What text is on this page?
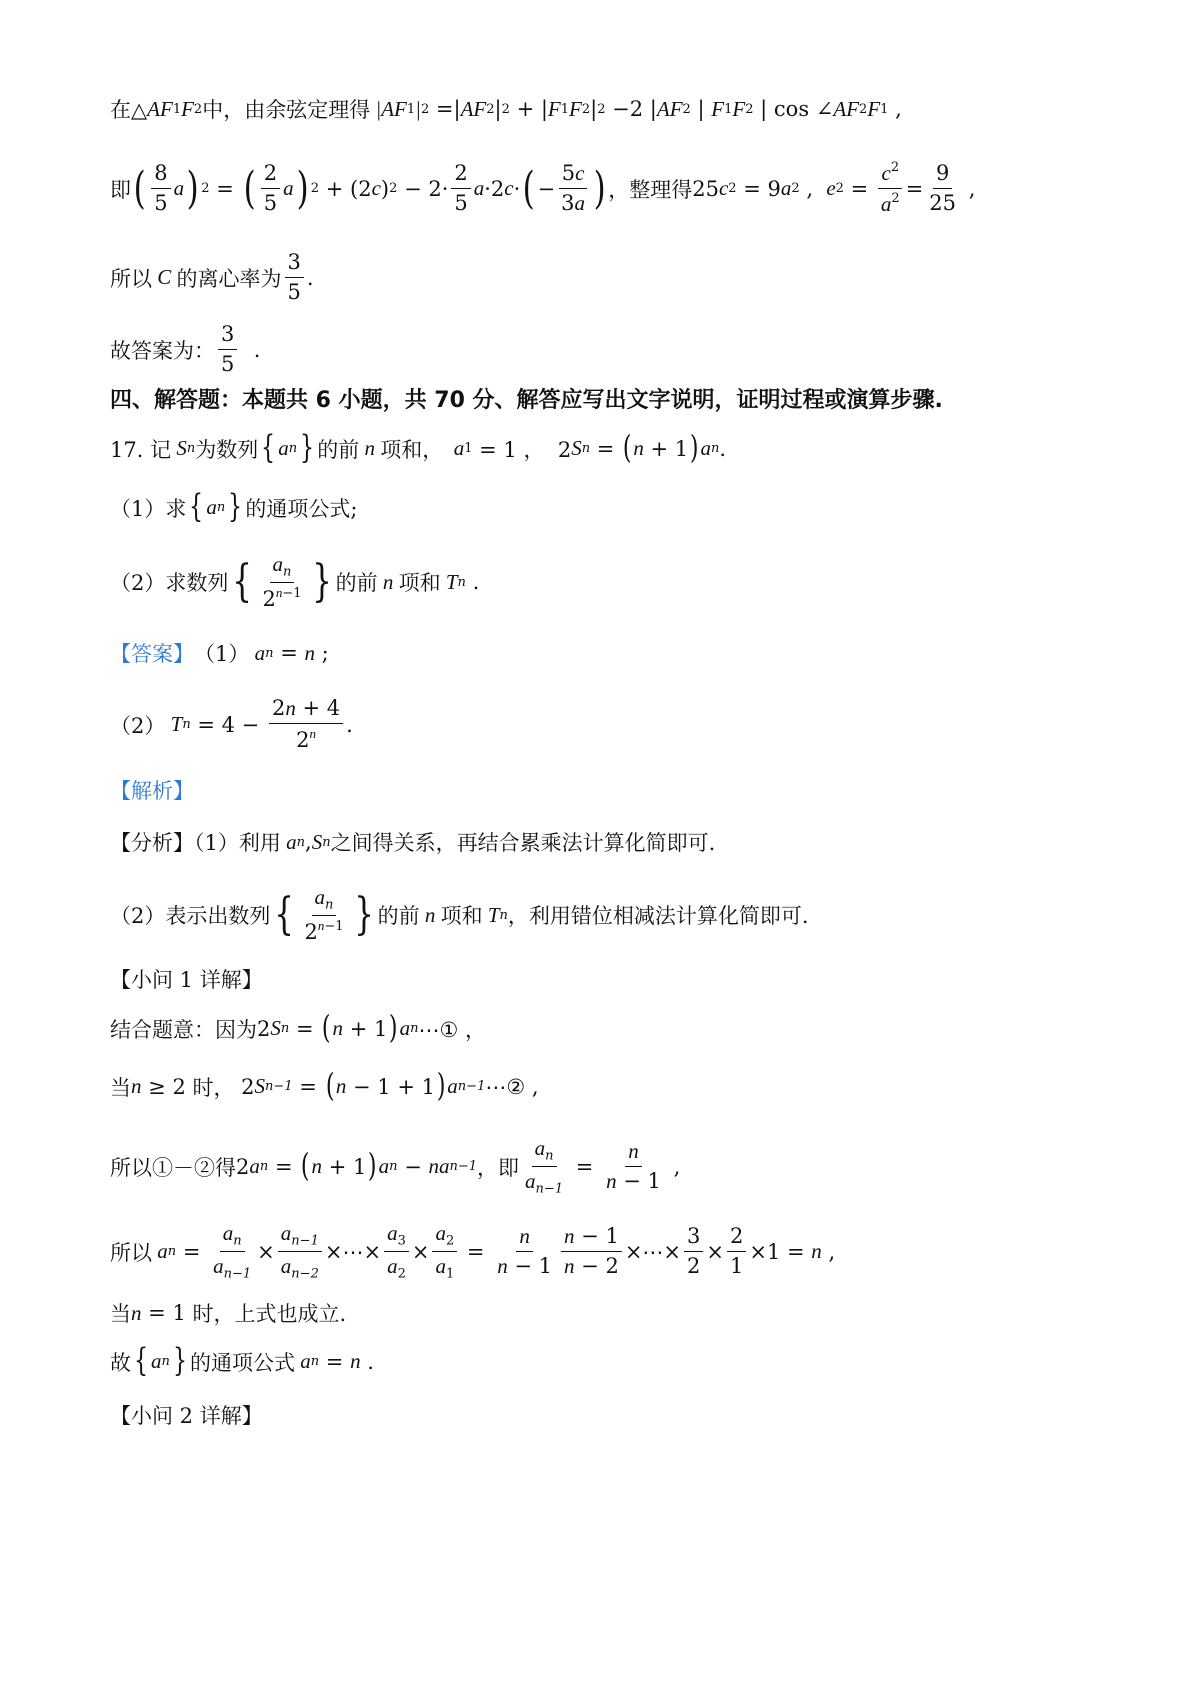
在△ AF 1 F 2 中，由余弦定理得 |AF 1 | 2 =| AF 2 | 2 + | F 1 F 2 | 2 −2 | AF 2 | F 1 F 2 | cos ∠ AF 2 F 1 ,
即 ( $\frac{8}{5}$ a ) 2 = ( $\frac{2}{5}$ a ) 2 + (2 c ) $2 - 2\cdot \frac{2}{5}$ a ·2 c · ( − $\frac{5c}{3a}$ ) ，整理得 25 c 2 = 9 a 2 , e $2 = \frac{c^2}{a^2} = \frac{9}{25}$ ,
所以 C 的离心率为 $\frac{3}{5}$ .
故答案为： $\frac{3}{5}$ .
四、解答题：本题共 6 小题，共 70 分、解答应写出文字说明，证明过程或演算步骤.
17. 记 S n 为数列 { a n } 的前 n 项和， a 1 = 1 ，  2 S n = ( n + 1 ) a n .
（1）求 { a n } 的通项公式;
（2）求数列 { $\frac{a_n}{2^{n-1}}$ } 的前 n 项和 T n .
【答案】 （1） a n = n ;
（2） T $n = 4 - \frac{2n + 4}{2^n}$ .
【解析】
【分析】（1）利用 a n , S n 之间得关系，再结合累乘法计算化简即可.
（2）表示出数列 { $\frac{a_n}{2^{n-1}}$ } 的前 n 项和 T n ，利用错位相减法计算化简即可.
【小问 1 详解】
结合题意：因为 2 S n = ( n + 1 ) a n ⋯① ，
当 n ≥ 2 时， 2 S n−1 = ( n − 1 + 1 ) a n−1 ⋯② ,
所以①－②得 2 a n = ( n + 1 ) a n − na n−1 ，即 $\frac{a_n}{a_{n-1}} = \frac{n}{n - 1}$ ,
所以 a $n = \frac{a_n}{a_{n-1}} \times \frac{a_{n-1}}{a_{n-2}}$ ×⋯× $\frac{a_3}{a_2} \times \frac{a_2}{a_1} = \frac{n}{n - 1} \frac{n - 1}{n - 2}$ ×⋯× $\frac{3}{2} \times \frac{2}{1} \times 1 = n$ ,
当 n = 1 时，上式也成立.
故 { a n } 的通项公式 a n = n .
【小问 2 详解】
